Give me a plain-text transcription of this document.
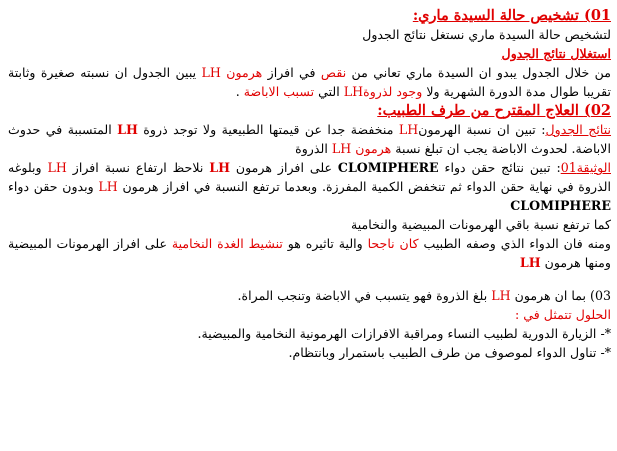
01) تشخيص حالة السيدة ماري:

لتشخيص حالة السيدة ماري نستغل نتائج الجدول

استغلال نتائج الجدول

من خلال الجدول يبدو ان السيدة ماري تعاني من نقص في افراز هرمون LH يبين الجدول ان نسبته صغيرة وثابتة تقريبا طوال مدة الدورة الشهرية ولا وجود لذروةLH التي تسبب الاباضة .

02) العلاج المقترح من طرف الطبيب:

نتائج الجدول: تبين ان نسبة الهرمونLH منخفضة جدا عن قيمتها الطبيعية ولا توجد ذروة LH المتسببة في حدوث الاباضة. لحدوث الاباضة يجب ان تبلغ نسبة هرمون LH الذروة

الوثيقة01: تبين نتائج حقن دواء CLOMIPHERE على افراز هرمون LH نلاحظ ارتفاع نسبة افراز LH وبلوغه الذروة في نهاية حقن الدواء ثم تنخفض الكمية المفرزة. وبعدما ترتفع النسبة في افراز هرمون LH وبدون حقن دواء CLOMIPHERE

كما ترتفع نسبة باقي الهرمونات المبيضية والنخامية

ومنه فان الدواء الذي وصفه الطبيب كان ناجحا والية تاثيره هو تنشيط الغدة النخامية على افراز الهرمونات المبيضية ومنها هرمون LH

03) بما ان هرمون LH بلغ الذروة فهو يتسبب في الاباضة وتنجب المراة.

الحلول تتمثل في :

*- الزيارة الدورية لطبيب النساء ومراقبة الافرازات الهرمونية النخامية والمبيضية.

*- تناول الدواء لموصوف من طرف الطبيب باستمرار وبانتظام.
